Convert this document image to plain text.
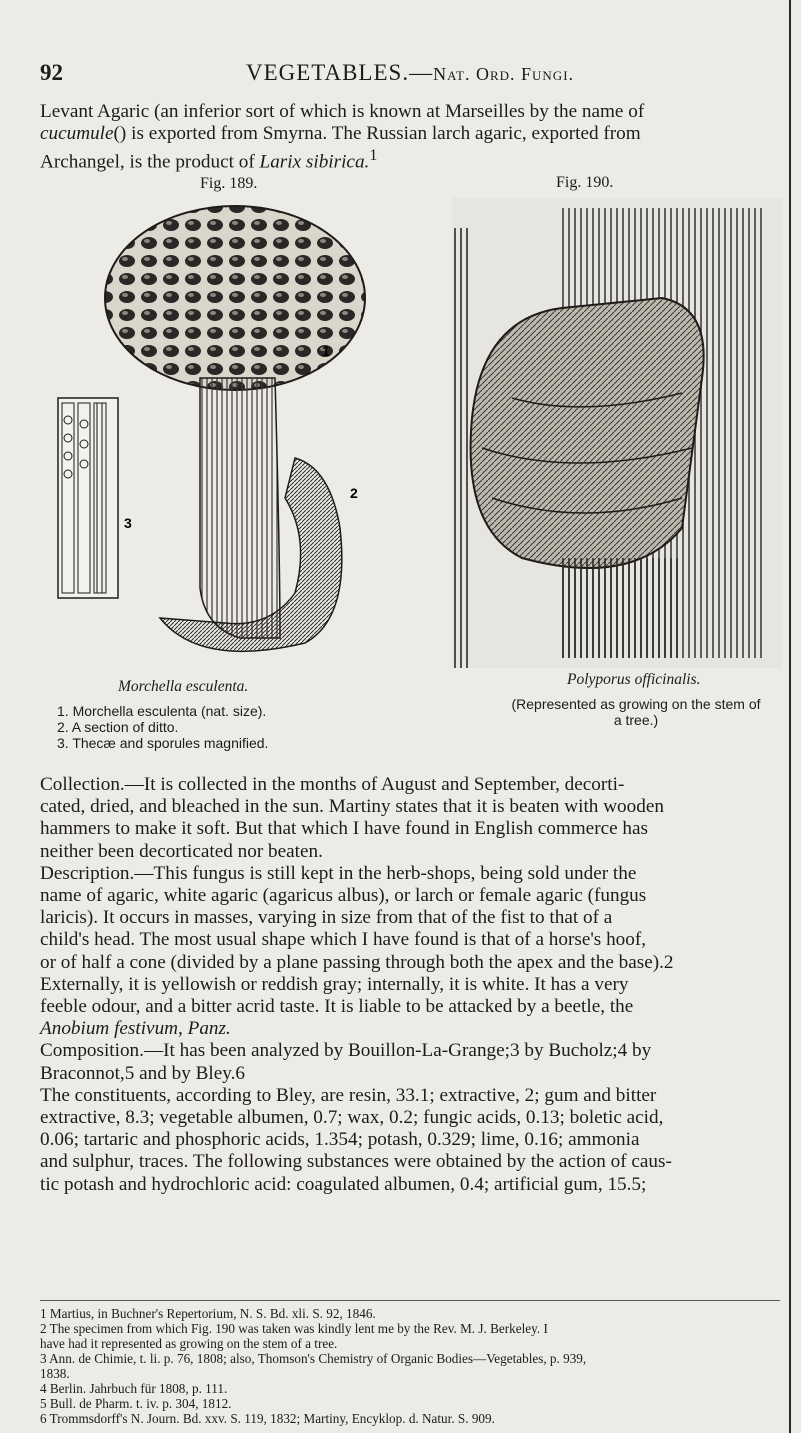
92	VEGETABLES.—Nat. Ord. Fungi.
Levant Agaric (an inferior sort of which is known at Marseilles by the name of
cucumule() is exported from Smyrna. The Russian larch agaric, exported from
Archangel, is the product of Larix sibirica.$^1$
Fig. 189.
1
2
3
Morchella esculenta.
1. Morchella esculenta (nat. size).
2. A section of ditto.
3. Thecæ and sporules magnified.
Fig. 190.
Polyporus officinalis.
(Represented as growing on the stem of
a tree.)
Collection.—It is collected in the months of August and September, decorti-
cated, dried, and bleached in the sun. Martiny states that it is beaten with wooden
hammers to make it soft. But that which I have found in English commerce has
neither been decorticated nor beaten.
Description.—This fungus is still kept in the herb-shops, being sold under the
name of agaric, white agaric (agaricus albus), or larch or female agaric (fungus
laricis). It occurs in masses, varying in size from that of the fist to that of a
child's head. The most usual shape which I have found is that of a horse's hoof,
or of half a cone (divided by a plane passing through both the apex and the base).2
Externally, it is yellowish or reddish gray; internally, it is white. It has a very
feeble odour, and a bitter acrid taste. It is liable to be attacked by a beetle, the
Anobium festivum, Panz.
Composition.—It has been analyzed by Bouillon-La-Grange;3 by Bucholz;4 by
Braconnot,5 and by Bley.6
The constituents, according to Bley, are resin, 33.1; extractive, 2; gum and bitter
extractive, 8.3; vegetable albumen, 0.7; wax, 0.2; fungic acids, 0.13; boletic acid,
0.06; tartaric and phosphoric acids, 1.354; potash, 0.329; lime, 0.16; ammonia
and sulphur, traces. The following substances were obtained by the action of caus-
tic potash and hydrochloric acid: coagulated albumen, 0.4; artificial gum, 15.5;
1 Martius, in Buchner's Repertorium, N. S. Bd. xli. S. 92, 1846.
2 The specimen from which Fig. 190 was taken was kindly lent me by the Rev. M. J. Berkeley. I
have had it represented as growing on the stem of a tree.
3 Ann. de Chimie, t. li. p. 76, 1808; also, Thomson's Chemistry of Organic Bodies—Vegetables, p. 939,
1838.
4 Berlin. Jahrbuch für 1808, p. 111.
5 Bull. de Pharm. t. iv. p. 304, 1812.
6 Trommsdorff's N. Journ. Bd. xxv. S. 119, 1832; Martiny, Encyklop. d. Natur. S. 909.
